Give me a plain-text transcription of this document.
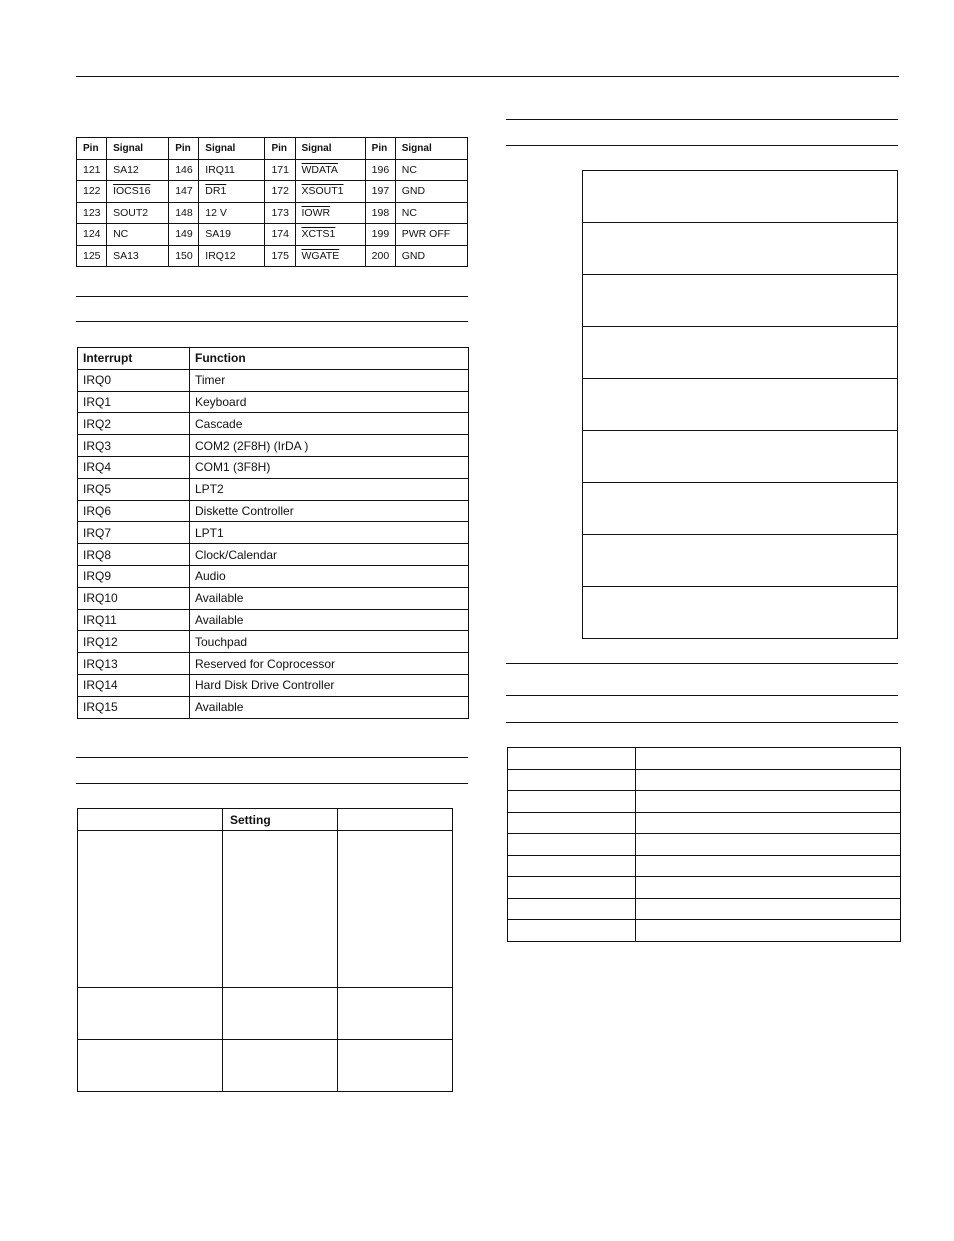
Pin	Signal	Pin	Signal	Pin	Signal	Pin	Signal
121	SA12	146	IRQ11	171	WDATA	196	NC
122	IOCS16	147	DR1	172	XSOUT1	197	GND
123	SOUT2	148	12 V	173	IOWR	198	NC
124	NC	149	SA19	174	XCTS1	199	PWR OFF
125	SA13	150	IRQ12	175	WGATE	200	GND
Interrupt	Function
IRQ0	Timer
IRQ1	Keyboard
IRQ2	Cascade
IRQ3	COM2 (2F8H) (IrDA )
IRQ4	COM1 (3F8H)
IRQ5	LPT2
IRQ6	Diskette Controller
IRQ7	LPT1
IRQ8	Clock/Calendar
IRQ9	Audio
IRQ10	Available
IRQ11	Available
IRQ12	Touchpad
IRQ13	Reserved for Coprocessor
IRQ14	Hard Disk Drive Controller
IRQ15	Available
	Setting	
